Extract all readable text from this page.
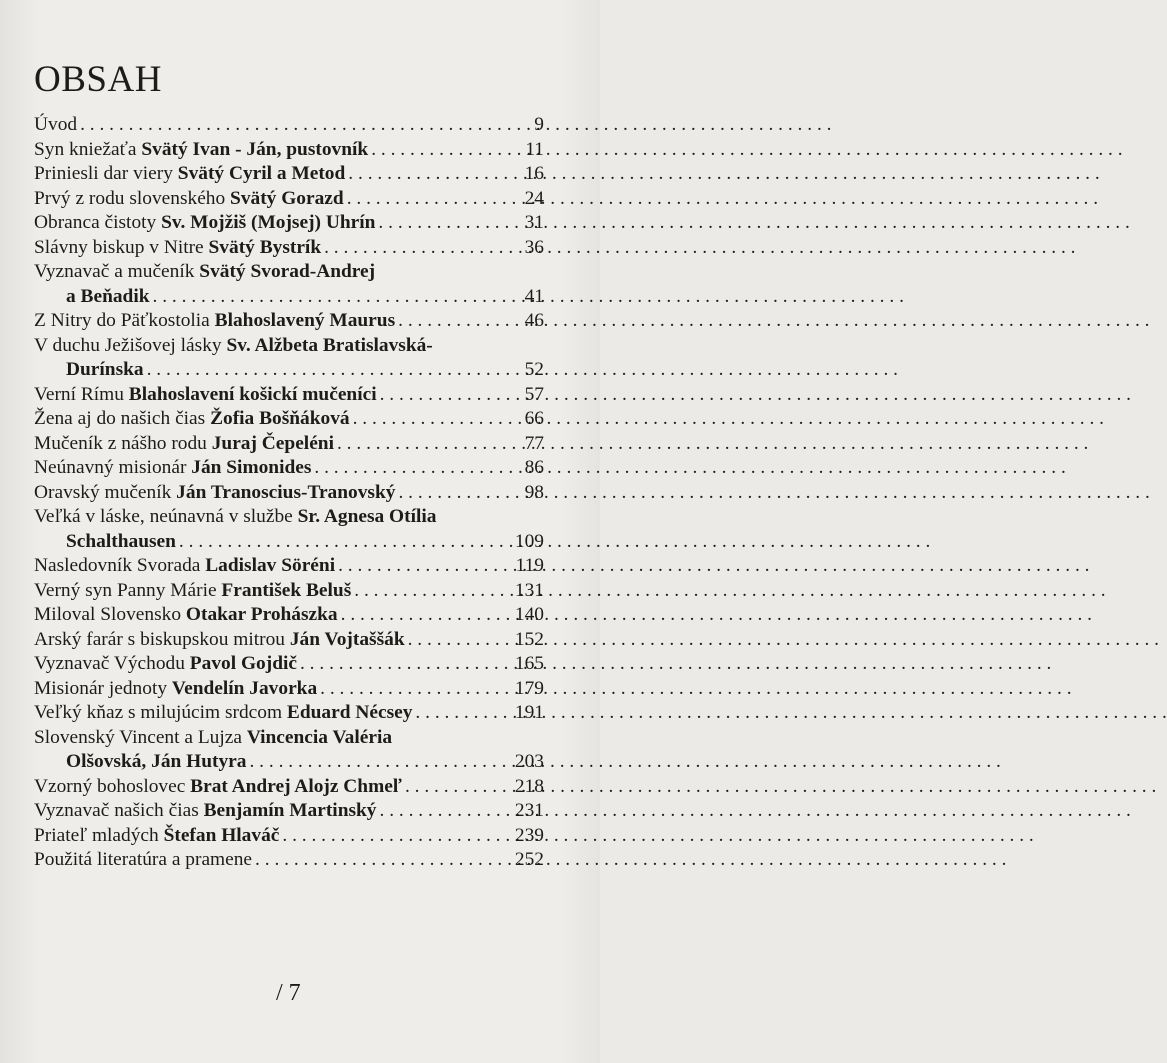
OBSAH
Úvod . . .	9
Syn kniežaťa Svätý Ivan - Ján, pustovník . . .	11
Priniesli dar viery Svätý Cyril a Metod . . .	16
Prvý z rodu slovenského Svätý Gorazd . . .	24
Obranca čistoty Sv. Mojžiš (Mojsej) Uhrín . . .	31
Slávny biskup v Nitre Svätý Bystrík . . .	36
Vyznavač a mučeník Svätý Svorad-Andrej
a Beňadik . . .	41
Z Nitry do Päťkostolia Blahoslavený Maurus . . .	46
V duchu Ježišovej lásky Sv. Alžbeta Bratislavská-
Durínska . . .	52
Verní Rímu Blahoslavení košickí mučeníci . . .	57
Žena aj do našich čias Žofia Bošňáková . . .	66
Mučeník z nášho rodu Juraj Čepeléni . . .	77
Neúnavný misionár Ján Simonides . . .	86
Oravský mučeník Ján Tranoscius-Tranovský . . .	98
Veľká v láske, neúnavná v službe Sr. Agnesa Otília
Schalthausen . . .	109
Nasledovník Svorada Ladislav Söréni . . .	119
Verný syn Panny Márie František Beluš . . .	131
Miloval Slovensko Otakar Prohászka . . .	140
Arský farár s biskupskou mitrou Ján Vojtaššák . . .	152
Vyznavač Východu Pavol Gojdič . . .	165
Misionár jednoty Vendelín Javorka . . .	179
Veľký kňaz s milujúcim srdcom Eduard Nécsey . . .	191
Slovenský Vincent a Lujza Vincencia Valéria
Olšovská, Ján Hutyra . . .	203
Vzorný bohoslovec Brat Andrej Alojz Chmeľ . . .	218
Vyznavač našich čias Benjamín Martinský . . .	231
Priateľ mladých Štefan Hlaváč . . .	239
Použitá literatúra a pramene . . .	252
/ 7
